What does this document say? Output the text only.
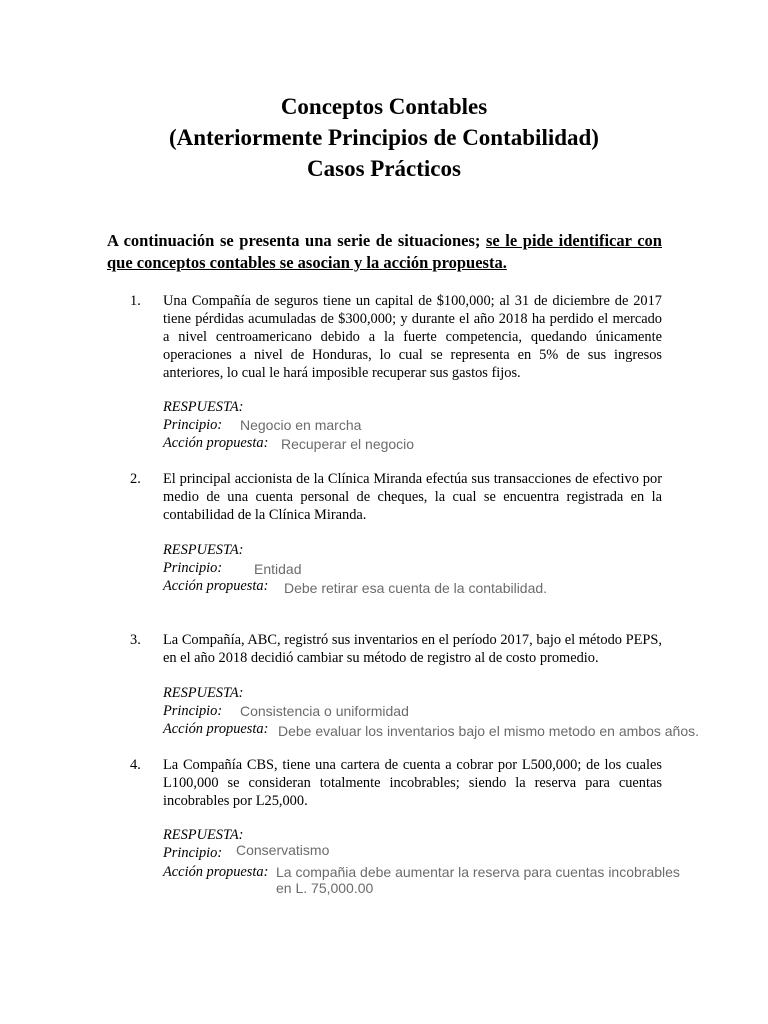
Conceptos Contables
(Anteriormente Principios de Contabilidad)
Casos Prácticos

A continuación se presenta una serie de situaciones; se le pide identificar con que conceptos contables se asocian y la acción propuesta.

1. Una Compañía de seguros tiene un capital de $100,000; al 31 de diciembre de 2017 tiene pérdidas acumuladas de $300,000; y durante el año 2018 ha perdido el mercado a nivel centroamericano debido a la fuerte competencia, quedando únicamente operaciones a nivel de Honduras, lo cual se representa en 5% de sus ingresos anteriores, lo cual le hará imposible recuperar sus gastos fijos.

RESPUESTA:
Principio: Negocio en marcha
Acción propuesta: Recuperar el negocio
2. El principal accionista de la Clínica Miranda efectúa sus transacciones de efectivo por medio de una cuenta personal de cheques, la cual se encuentra registrada en la contabilidad de la Clínica Miranda.

RESPUESTA:
Principio: Entidad
Acción propuesta: Debe retirar esa cuenta de la contabilidad.
3. La Compañía, ABC, registró sus inventarios en el período 2017, bajo el método PEPS, en el año 2018 decidió cambiar su método de registro al de costo promedio.

RESPUESTA:
Principio: Consistencia o uniformidad
Acción propuesta: Debe evaluar los inventarios bajo el mismo metodo en ambos años.
4. La Compañía CBS, tiene una cartera de cuenta a cobrar por L500,000; de los cuales L100,000 se consideran totalmente incobrables; siendo la reserva para cuentas incobrables por L25,000.

RESPUESTA:
Principio: Conservatismo
Acción propuesta: La compañia debe aumentar la reserva para cuentas incobrables
en L. 75,000.00
